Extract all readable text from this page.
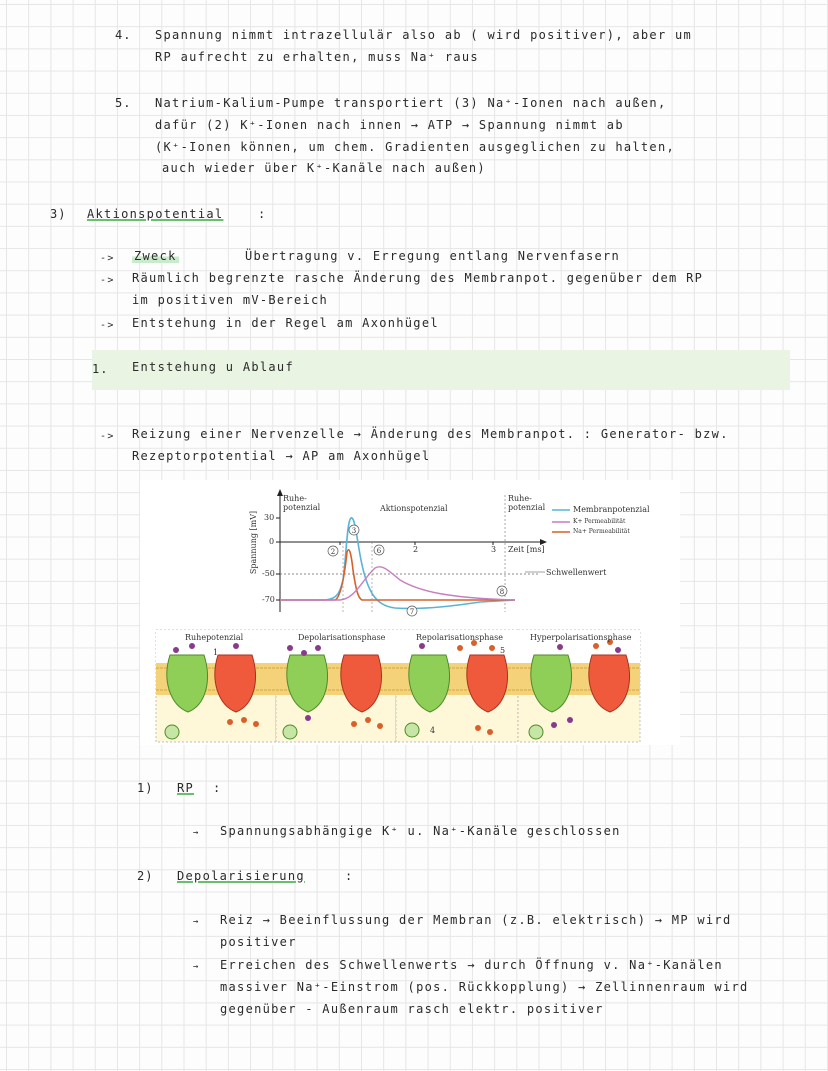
4. Spannung nimmt intrazellulär also ab ( wird positiver), aber um
RP aufrecht zu erhalten, muss Na⁺ raus
5. Natrium-Kalium-Pumpe transportiert (3) Na⁺-Ionen nach außen,
dafür (2) K⁺-Ionen nach innen → ATP → Spannung nimmt ab
(K⁺-Ionen können, um chem. Gradienten ausgeglichen zu halten,
auch wieder über K⁺-Kanäle nach außen)
3) Aktionspotential	:
-> Zweck	Übertragung v. Erregung entlang Nervenfasern
-> Räumlich begrenzte rasche Änderung des Membranpot. gegenüber dem RP
im positiven mV-Bereich
-> Entstehung in der Regel am Axonhügel
1. Entstehung u Ablauf
-> Reizung einer Nervenzelle → Änderung des Membranpot. : Generator- bzw.
Rezeptorpotential → AP am Axonhügel
2
3
6
7
8
Ruhe-
potenzial	Aktionspotenzial
Ruhe-
potenzial
Spannung [mV] 30
0
-50
-70
2	3 Zeit [ms]
Schwellenwert
Membranpotenzial
K+ Permeabilität
Na+ Permeabilität
1
4
5
Ruhepotenzial	Depolarisationsphase	Repolarisationsphase	Hyperpolarisationsphase
1) RP :
→ Spannungsabhängige K⁺ u. Na⁺-Kanäle geschlossen
2) Depolarisierung	:
→ Reiz → Beeinflussung der Membran (z.B. elektrisch) → MP wird
positiver
→ Erreichen des Schwellenwerts → durch Öffnung v. Na⁺-Kanälen
massiver Na⁺-Einstrom (pos. Rückkopplung) → Zellinnenraum wird
gegenüber - Außenraum rasch elektr. positiver
